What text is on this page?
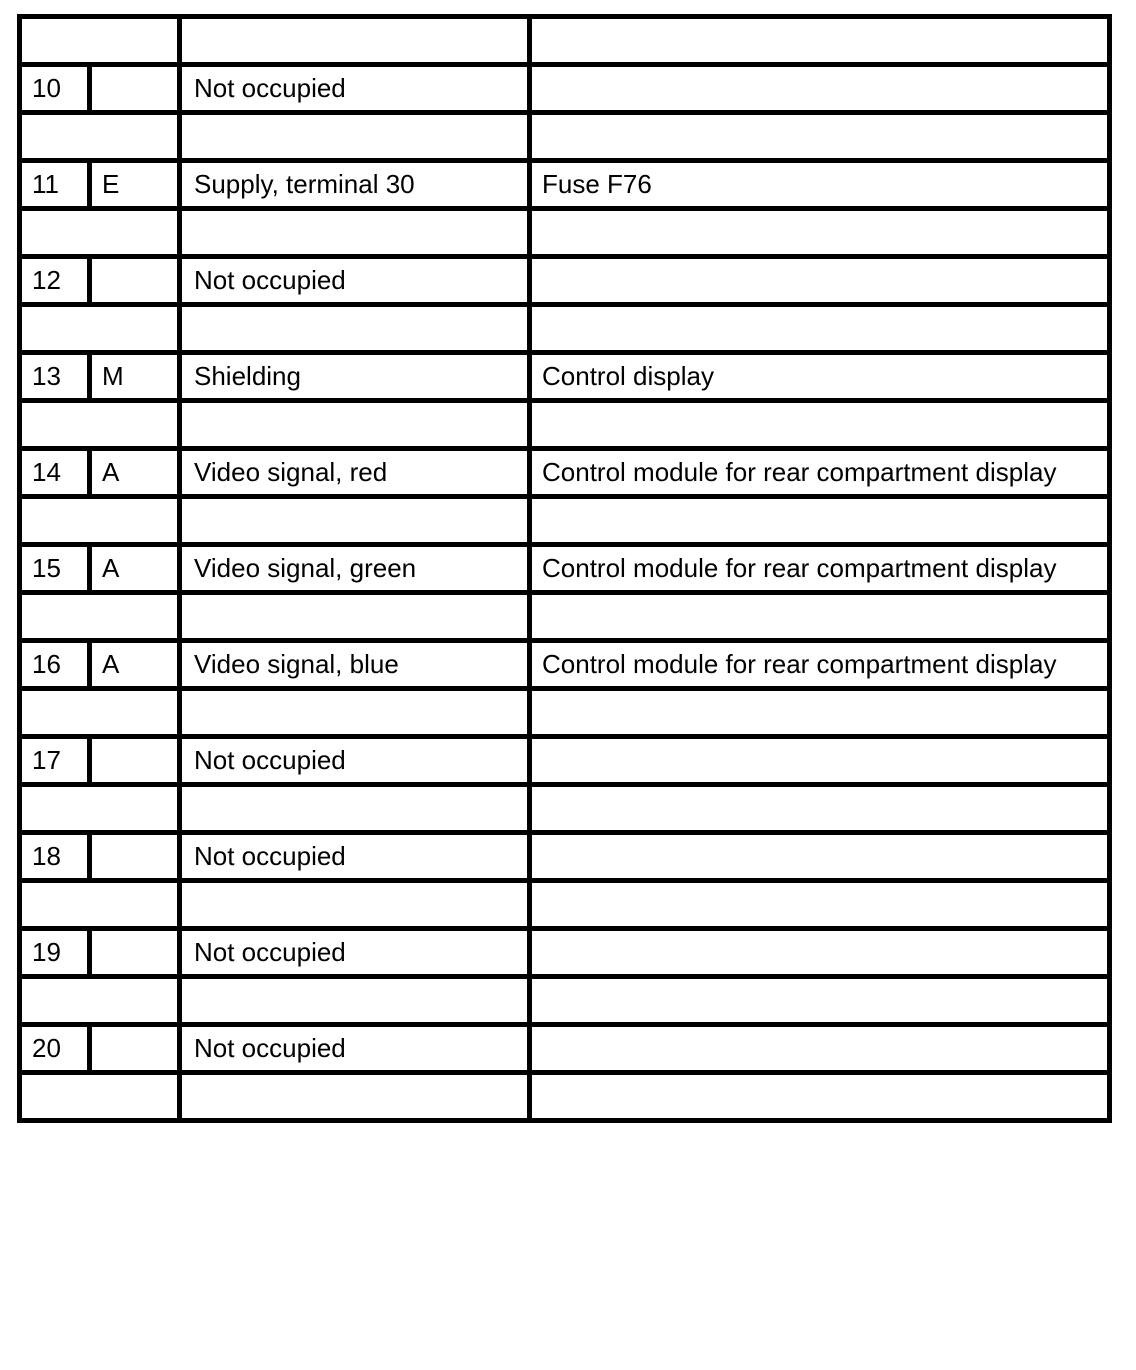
10		Not occupied	

11	E	Supply, terminal 30	Fuse F76

12		Not occupied	

13	M	Shielding	Control display

14	A	Video signal, red	Control module for rear compartment display

15	A	Video signal, green	Control module for rear compartment display

16	A	Video signal, blue	Control module for rear compartment display

17		Not occupied	

18		Not occupied	

19		Not occupied	

20		Not occupied	
